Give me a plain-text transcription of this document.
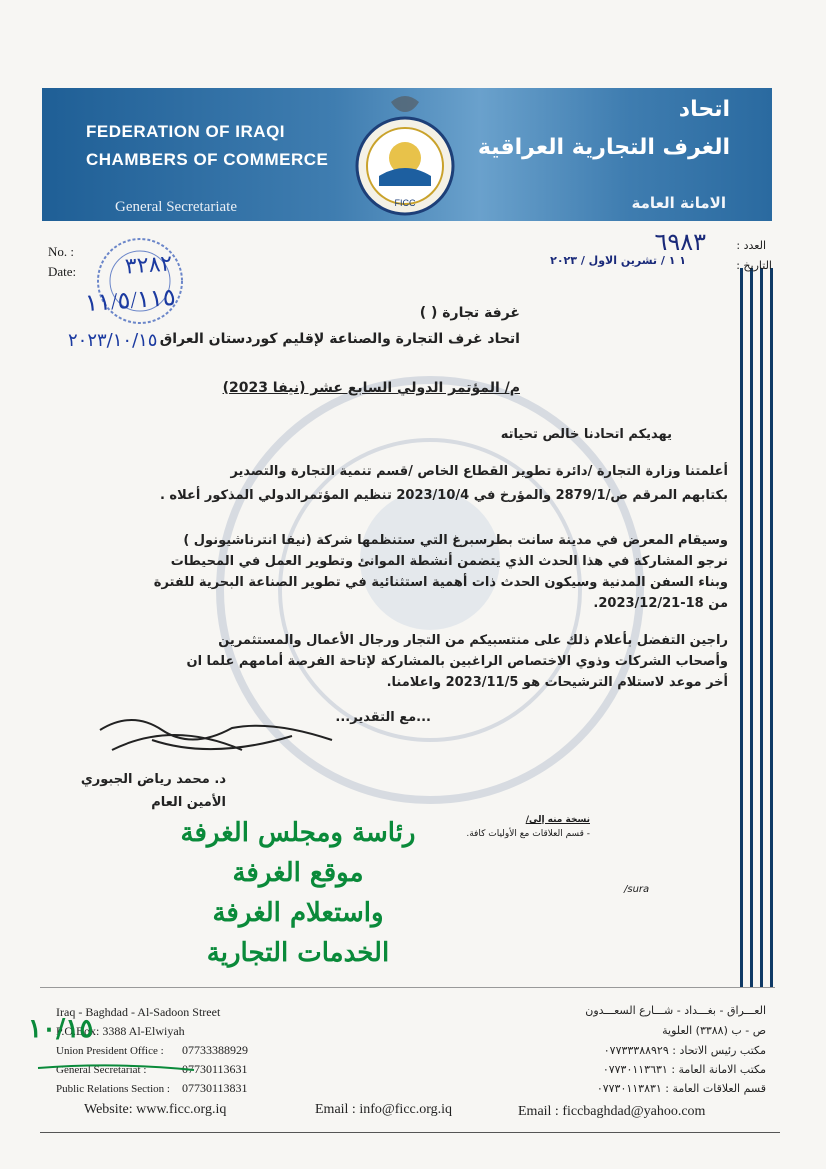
FEDERATION OF IRAQI
CHAMBERS OF COMMERCE
General Secretariate
اتحاد
الغرف التجارية العراقية
الامانة العامة
FICC
No. :
Date:
العدد :
التاريخ :
٦٩٨٣
١ ١ / تشرين الاول / ٢٠٢٣
٣٢٨٢
١١/٥/١١٥
٢٠٢٣/١٠/١٥
غرفة تجارة ( )
اتحاد غرف التجارة والصناعة لإقليم كوردستان العراق
م/ المؤتمر الدولي السابع عشر (نيفا 2023)
يهديكم اتحادنا خالص تحياته
أعلمتنا وزارة التجارة /دائرة تطوير القطاع الخاص /قسم تنمية التجارة والتصدير
بكتابهم المرقم ص/2879/1 والمؤرخ في 2023/10/4 تنظيم المؤتمرالدولي المذكور أعلاه .
وسيقام المعرض في مدينة سانت بطرسبرغ التي ستنظمها شركة (نيفا انترناشيونول )
نرجو المشاركة في هذا الحدث الذي يتضمن أنشطة الموانئ وتطوير العمل في المحيطات
وبناء السفن المدنية وسيكون الحدث ذات أهمية استثنائية في تطوير الصناعة البحرية للفترة
من 18-2023/12/21.
راجين التفضل بأعلام ذلك على منتسبيكم من التجار ورجال الأعمال والمستثمرين
وأصحاب الشركات وذوي الاختصاص الراغبين بالمشاركة لإتاحة الفرصة أمامهم علما ان
أخر موعد لاستلام الترشيحات هو 2023/11/5 واعلامنا.
...مع التقدير...
د. محمد رياض الجبوري
الأمين العام
نسخة منه إلى/
- قسم العلاقات مع الأوليات كافة.
/sura
رئاسة ومجلس الغرفة
موقع الغرفة
واستعلام الغرفة
الخدمات التجارية
Iraq - Baghdad - Al-Sadoon Street
P.O.Box: 3388 Al-Elwiyah
Union President Office : 07733388929
General Secretariat :	07730113631
Public Relations Section : 07730113831
العـــراق - بغـــداد - شـــارع السعـــدون
ص - ب (٣٣٨٨) العلوية
مكتب رئيس الاتحاد : ٠٧٧٣٣٣٨٨٩٢٩
مكتب الامانة العامة : ٠٧٧٣٠١١٣٦٣١
قسم العلاقات العامة : ٠٧٧٣٠١١٣٨٣١
Website: www.ficc.org.iq	Email : info@ficc.org.iq	Email : ficcbaghdad@yahoo.com
١٠/١٥
